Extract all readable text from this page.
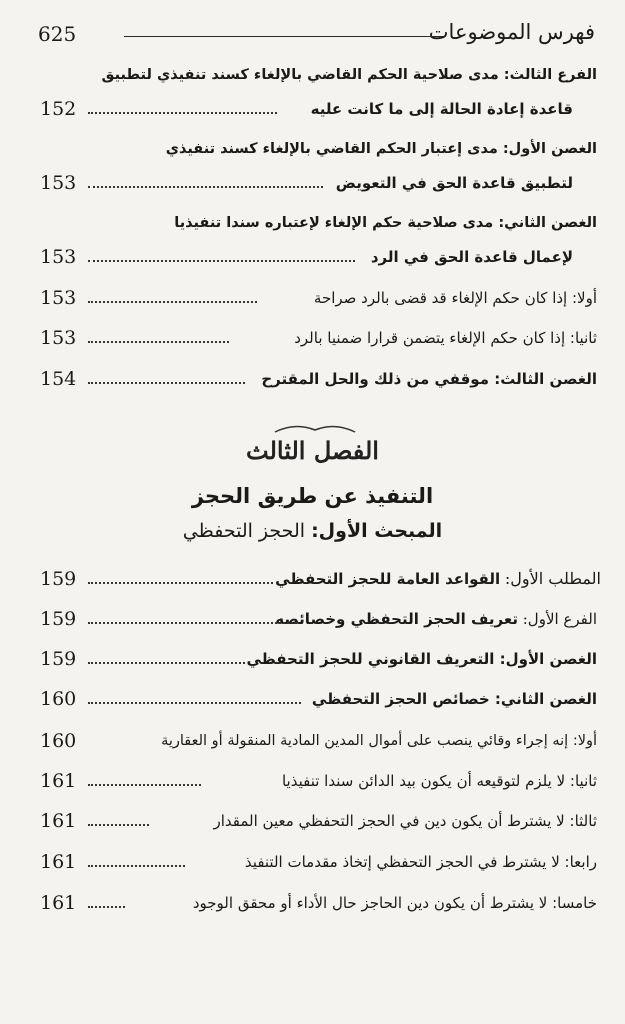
فهرس الموضوعات
625
الفرع الثالث: مدى صلاحية الحكم القاضي بالإلغاء كسند تنفيذي لتطبيق
قاعدة إعادة الحالة إلى ما كانت عليه
152
الغصن الأول: مدى إعتبار الحكم القاضي بالإلغاء كسند تنفيذي
لتطبيق قاعدة الحق في التعويض
153
الغصن الثاني: مدى صلاحية حكم الإلغاء لإعتباره سندا تنفيذيا
لإعمال قاعدة الحق في الرد
153
أولا: إذا كان حكم الإلغاء قد قضى بالرد صراحة
153
ثانيا: إذا كان حكم الإلغاء يتضمن قرارا ضمنيا بالرد
153
الغصن الثالث: موقفي من ذلك والحل المقترح
154
الفصل الثالث
التنفيذ عن طريق الحجز
المبحث الأول: الحجز التحفظي
المطلب الأول: القواعد العامة للحجز التحفظي
159
الفرع الأول: تعريف الحجز التحفظي وخصائصه
159
الغصن الأول: التعريف القانوني للحجز التحفظي
159
الغصن الثاني: خصائص الحجز التحفظي
160
أولا: إنه إجراء وقائي ينصب على أموال المدين المادية المنقولة أو العقارية
160
ثانيا: لا يلزم لتوقيعه أن يكون بيد الدائن سندا تنفيذيا
161
ثالثا: لا يشترط أن يكون دين في الحجز التحفظي معين المقدار
161
رابعا: لا يشترط في الحجز التحفظي إتخاذ مقدمات التنفيذ
161
خامسا: لا يشترط أن يكون دين الحاجز حال الأداء أو محقق الوجود
161
